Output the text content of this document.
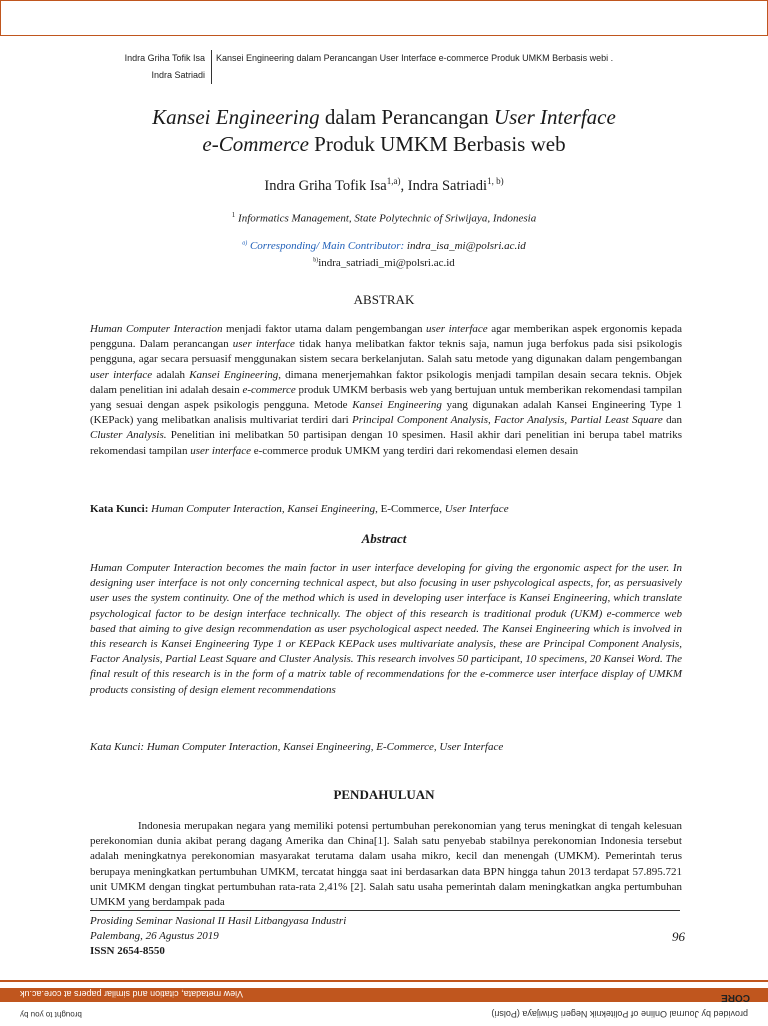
Indra Griha Tofik Isa
Indra Satriadi
Kansei Engineering dalam Perancangan User Interface e-commerce Produk UMKM Berbasis webi .
Kansei Engineering dalam Perancangan User Interface
e-Commerce Produk UMKM Berbasis web
Indra Griha Tofik Isa$^{1,a)}$, Indra Satriadi$^{1, b)}$
$^1$ Informatics Management, State Polytechnic of Sriwijaya, Indonesia
$^{a)}$ Corresponding/ Main Contributor: indra_isa_mi@polsri.ac.id
$^{b)}$indra_satriadi_mi@polsri.ac.id
ABSTRAK
Human Computer Interaction menjadi faktor utama dalam pengembangan user interface agar memberikan aspek ergonomis kepada pengguna. Dalam perancangan user interface tidak hanya melibatkan faktor teknis saja, namun juga berfokus pada sisi psikologis pengguna, agar secara persuasif menggunakan sistem secara berkelanjutan. Salah satu metode yang digunakan dalam pengembangan user interface adalah Kansei Engineering, dimana menerjemahkan faktor psikologis menjadi tampilan desain secara teknis. Objek dalam penelitian ini adalah desain e-commerce produk UMKM berbasis web yang bertujuan untuk memberikan rekomendasi tampilan yang sesuai dengan aspek psikologis pengguna. Metode Kansei Engineering yang digunakan adalah Kansei Engineering Type 1 (KEPack) yang melibatkan analisis multivariat terdiri dari Principal Component Analysis, Factor Analysis, Partial Least Square dan Cluster Analysis. Penelitian ini melibatkan 50 partisipan dengan 10 spesimen. Hasil akhir dari penelitian ini berupa tabel matriks rekomendasi tampilan user interface e-commerce produk UMKM yang terdiri dari rekomendasi elemen desain
Kata Kunci: Human Computer Interaction, Kansei Engineering, E-Commerce, User Interface
Abstract
Human Computer Interaction becomes the main factor in user interface developing for giving the ergonomic aspect for the user. In designing user interface is not only concerning technical aspect, but also focusing in user pshycological aspects, for, as persuasively user uses the system continuity. One of the method which is used in developing user interface is Kansei Engineering, which translate psychological factor to be design interface technically. The object of this research is traditional produk (UKM) e-commerce web based that aiming to give design recommendation as user psychological aspect needed. The Kansei Engineering which is involved in this research is Kansei Engineering Type 1 or KEPack KEPack uses multivariate analysis, these are Principal Component Analysis, Factor Analysis, Partial Least Square and Cluster Analysis. This research involves 50 participant, 10 specimens, 20 Kansei Word. The final result of this research is in the form of a matrix table of recommendations for the e-commerce user interface display of UMKM products consisting of design element recommendations
Kata Kunci: Human Computer Interaction, Kansei Engineering, E-Commerce, User Interface
PENDAHULUAN
Indonesia merupakan negara yang memiliki potensi pertumbuhan perekonomian yang terus meningkat di tengah kelesuan perekonomian dunia akibat perang dagang Amerika dan China[1]. Salah satu penyebab stabilnya perekonomian Indonesia tersebut adalah meningkatnya perekonomian masyarakat terutama dalam usaha mikro, kecil dan menengah (UMKM). Pemerintah terus berupaya meningkatkan pertumbuhan UMKM, tercatat hingga saat ini berdasarkan data BPN hingga tahun 2013 terdapat 57.895.721 unit UMKM dengan tingkat pertumbuhan rata-rata 2,41% [2]. Salah satu usaha pemerintah dalam meningkatkan angka pertumbuhan UMKM yang berdampak pada
Prosiding Seminar Nasional II Hasil Litbangyasa Industri
Palembang, 26 Agustus 2019
ISSN 2654-8550
96
provided by Journal Online of Politeknik Negeri Sriwijaya (Polsri)
brought to you by
CORE
View metadata, citation and similar papers at core.ac.uk
